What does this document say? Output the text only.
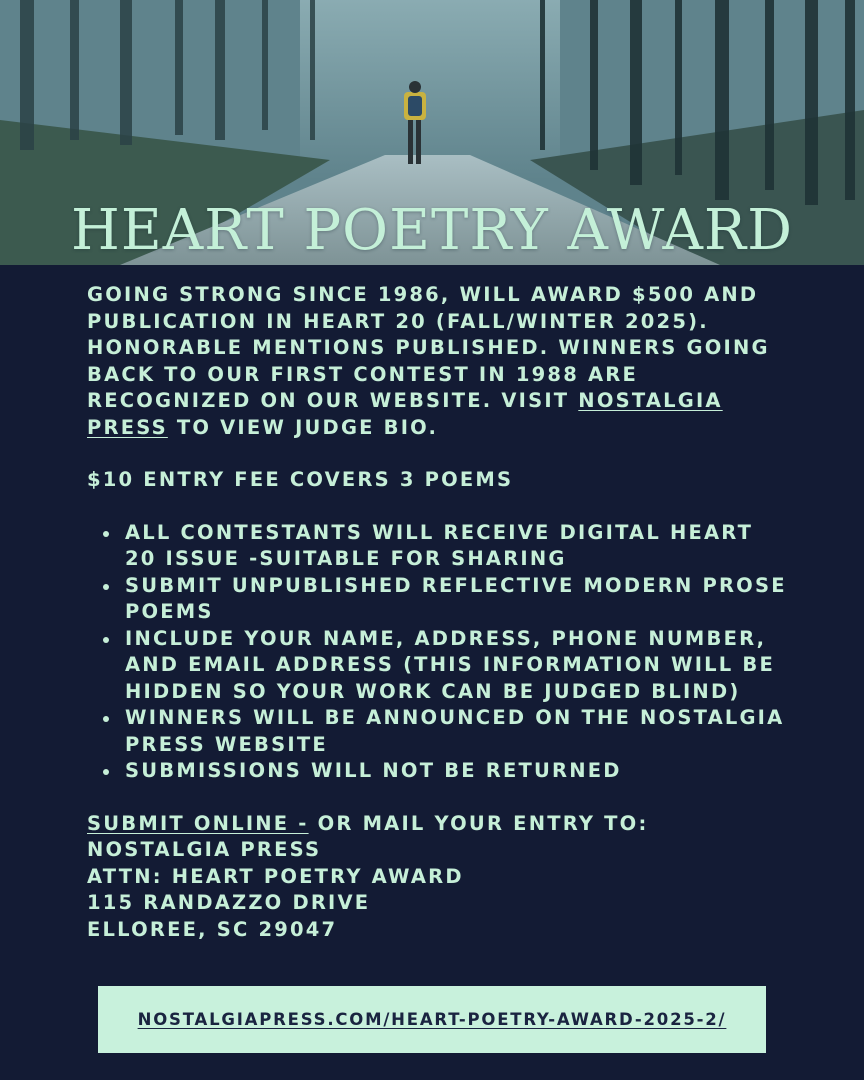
HEART POETRY AWARD

GOING STRONG SINCE 1986, WILL AWARD $500 AND PUBLICATION IN HEART 20 (FALL/WINTER 2025). HONORABLE MENTIONS PUBLISHED. WINNERS GOING BACK TO OUR FIRST CONTEST IN 1988 ARE RECOGNIZED ON OUR WEBSITE. VISIT NOSTALGIA PRESS TO VIEW JUDGE BIO.

$10 ENTRY FEE COVERS 3 POEMS

ALL CONTESTANTS WILL RECEIVE DIGITAL HEART 20 ISSUE -SUITABLE FOR SHARING
SUBMIT UNPUBLISHED REFLECTIVE MODERN PROSE POEMS
INCLUDE YOUR NAME, ADDRESS, PHONE NUMBER, AND EMAIL ADDRESS (THIS INFORMATION WILL BE HIDDEN SO YOUR WORK CAN BE JUDGED BLIND)
WINNERS WILL BE ANNOUNCED ON THE NOSTALGIA PRESS WEBSITE
SUBMISSIONS WILL NOT BE RETURNED

SUBMIT ONLINE - OR MAIL YOUR ENTRY TO:

NOSTALGIA PRESS

ATTN: HEART POETRY AWARD

115 RANDAZZO DRIVE

ELLOREE, SC 29047

NOSTALGIAPRESS.COM/HEART-POETRY-AWARD-2025-2/
